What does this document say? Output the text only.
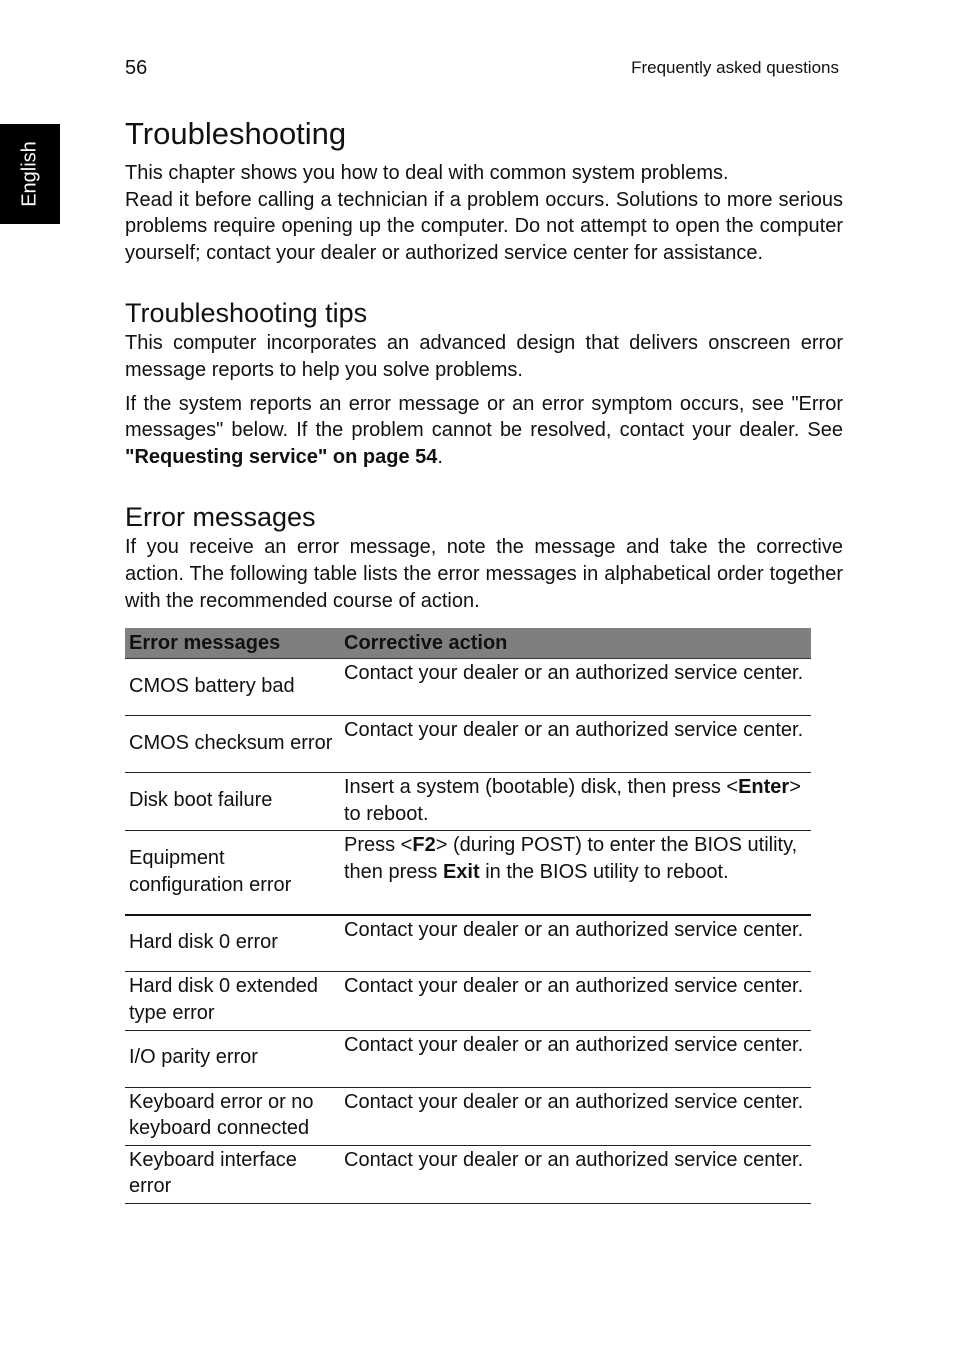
English
56	Frequently asked questions
Troubleshooting

This chapter shows you how to deal with common system problems.

Read it before calling a technician if a problem occurs. Solutions to more serious problems require opening up the computer. Do not attempt to open the computer yourself; contact your dealer or authorized service center for assistance.

Troubleshooting tips

This computer incorporates an advanced design that delivers onscreen error message reports to help you solve problems.

If the system reports an error message or an error symptom occurs, see "Error messages" below. If the problem cannot be resolved, contact your dealer. See "Requesting service" on page 54.

Error messages

If you receive an error message, note the message and take the corrective action. The following table lists the error messages in alphabetical order together with the recommended course of action.

Error messages	Corrective action
CMOS battery bad	Contact your dealer or an authorized service center.
CMOS checksum error	Contact your dealer or an authorized service center.
Disk boot failure	Insert a system (bootable) disk, then press <Enter> to reboot.
Equipment configuration error	Press <F2> (during POST) to enter the BIOS utility, then press Exit in the BIOS utility to reboot.
Hard disk 0 error	Contact your dealer or an authorized service center.
Hard disk 0 extended type error	Contact your dealer or an authorized service center.
I/O parity error	Contact your dealer or an authorized service center.
Keyboard error or no keyboard connected	Contact your dealer or an authorized service center.
Keyboard interface error	Contact your dealer or an authorized service center.
